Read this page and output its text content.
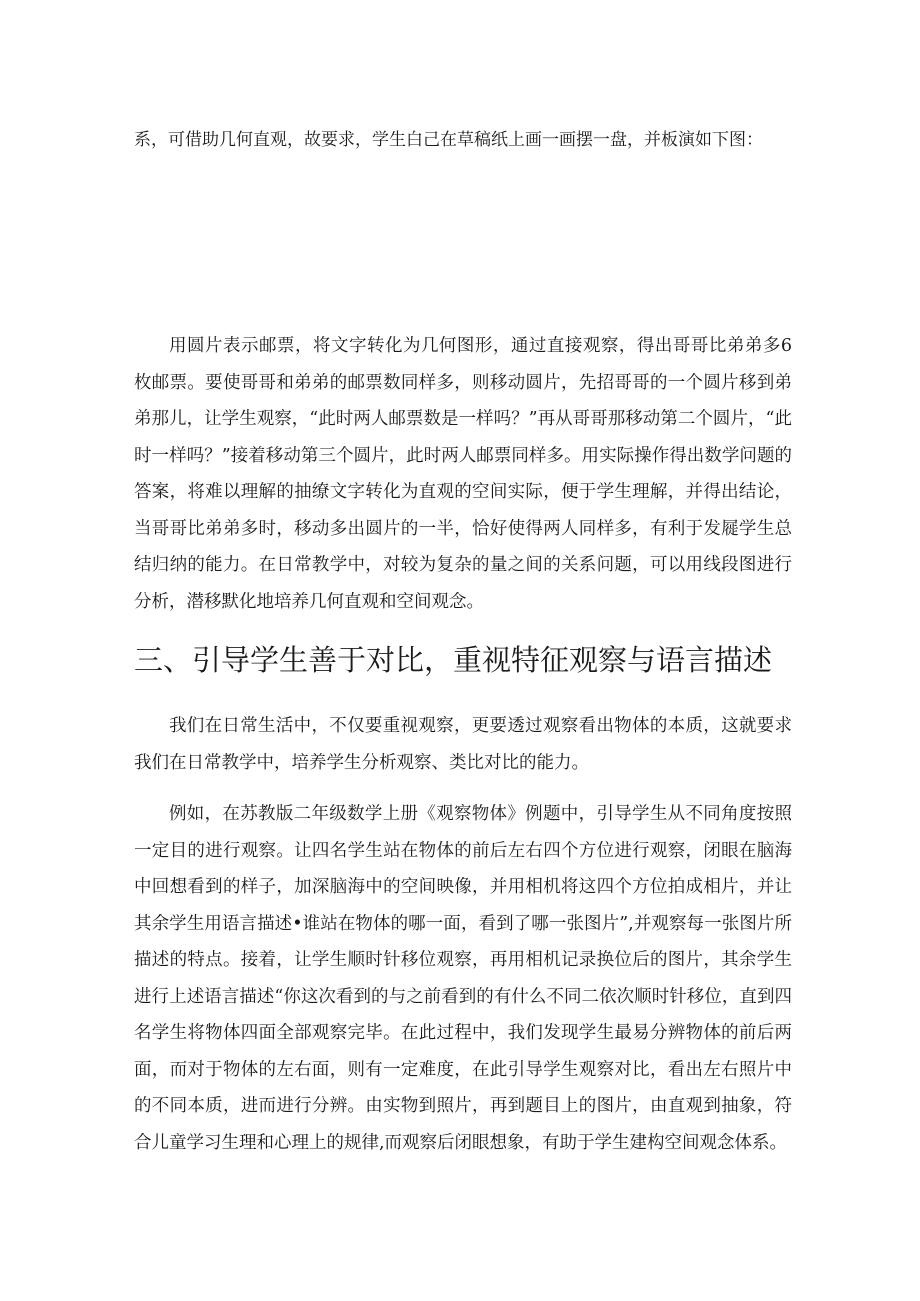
系，可借助几何直观，故要求，学生白己在草稿纸上画一画摆一盘，并板演如下图：

用圆片表示邮票，将文字转化为几何图形，通过直接观察，得出哥哥比弟弟多6枚邮票。要使哥哥和弟弟的邮票数同样多，则移动圆片，先招哥哥的一个圆片移到弟弟那儿，让学生观察，“此时两人邮票数是一样吗？”再从哥哥那移动第二个圆片，“此时一样吗？”接着移动第三个圆片，此时两人邮票同样多。用实际操作得出数学问题的答案，将难以理解的抽缭文字转化为直观的空间实际，便于学生理解，并得出结论，当哥哥比弟弟多时，移动多出圆片的一半，恰好使得两人同样多，有利于发屣学生总结归纳的能力。在日常教学中，对较为复杂的量之间的关系问题，可以用线段图进行分析，潜移默化地培养几何直观和空间观念。

三、引导学生善于对比，重视特征观察与语言描述

我们在日常生活中，不仅要重视观察，更要透过观察看出物体的本质，这就要求我们在日常教学中，培养学生分析观察、类比对比的能力。

例如，在苏教版二年级数学上册《观察物体》例题中，引导学生从不同角度按照一定目的进行观察。让四名学生站在物体的前后左右四个方位进行观察，闭眼在脑海中回想看到的样子，加深脑海中的空间映像，并用相机将这四个方位拍成相片，并让其余学生用语言描述•谁站在物体的哪一面，看到了哪一张图片”,并观察每一张图片所描述的特点。接着，让学生顺时针移位观察，再用相机记录换位后的图片，其余学生进行上述语言描述“你这次看到的与之前看到的有什么不同二依次顺时针移位，直到四名学生将物体四面全部观察完毕。在此过程中，我们发现学生最易分辨物体的前后两面，而对于物体的左右面，则有一定难度，在此引导学生观察对比，看出左右照片中的不同本质，进而进行分辨。由实物到照片，再到题目上的图片，由直观到抽象，符合儿童学习生理和心理上的规律,而观察后闭眼想象，有助于学生建构空间观念体系。
